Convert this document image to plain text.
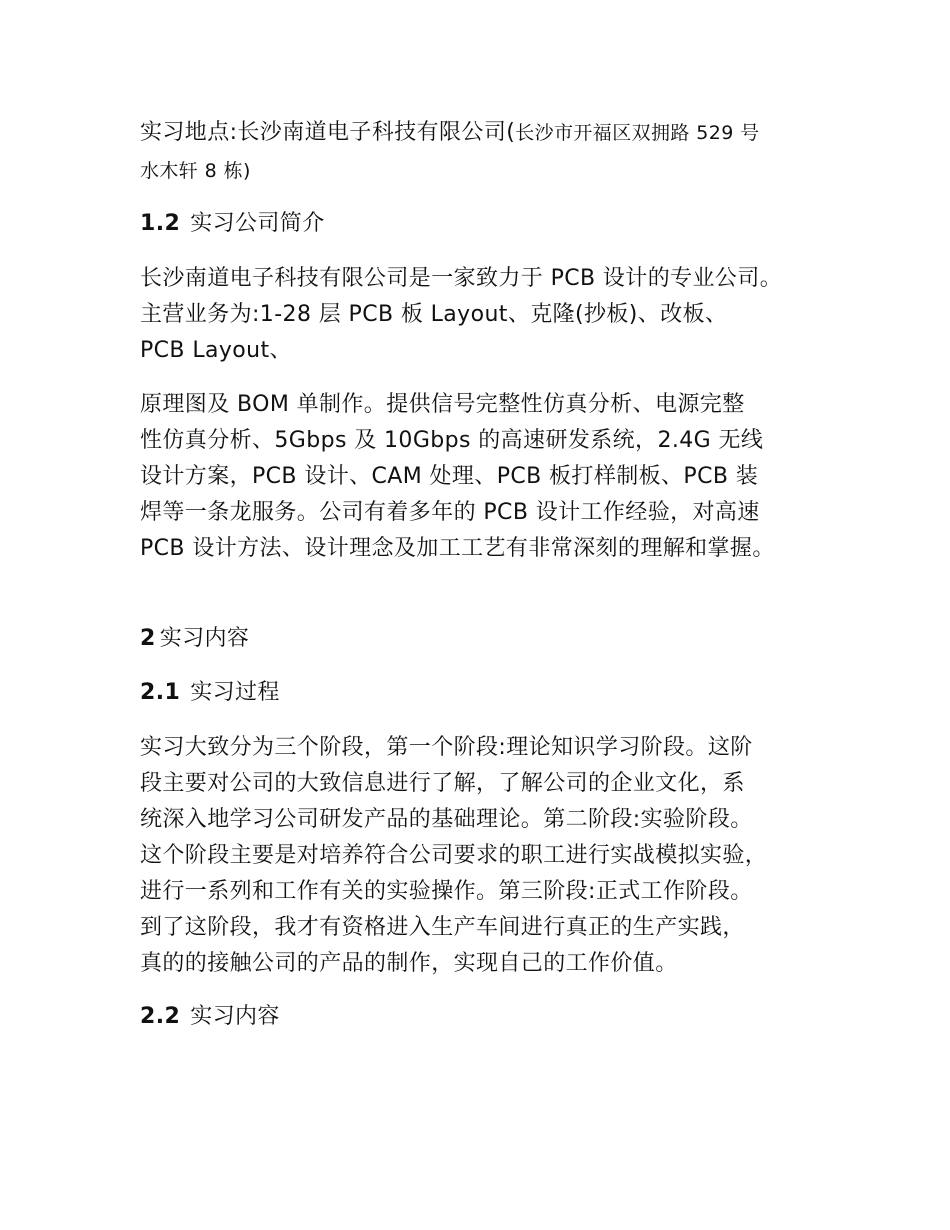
实习地点:长沙南道电子科技有限公司(长沙市开福区双拥路 529 号
水木轩 8 栋)
1.2 实习公司简介
长沙南道电子科技有限公司是一家致力于 PCB 设计的专业公司。
主营业务为:1-28 层 PCB 板 Layout、克隆(抄板)、改板、
PCB Layout、
原理图及 BOM 单制作。提供信号完整性仿真分析、电源完整
性仿真分析、5Gbps 及 10Gbps 的高速研发系统，2.4G 无线
设计方案，PCB 设计、CAM 处理、PCB 板打样制板、PCB 装
焊等一条龙服务。公司有着多年的 PCB 设计工作经验，对高速
PCB 设计方法、设计理念及加工工艺有非常深刻的理解和掌握。
2 实习内容
2.1 实习过程
实习大致分为三个阶段，第一个阶段:理论知识学习阶段。这阶
段主要对公司的大致信息进行了解，了解公司的企业文化，系
统深入地学习公司研发产品的基础理论。第二阶段:实验阶段。
这个阶段主要是对培养符合公司要求的职工进行实战模拟实验，
进行一系列和工作有关的实验操作。第三阶段:正式工作阶段。
到了这阶段，我才有资格进入生产车间进行真正的生产实践，
真的的接触公司的产品的制作，实现自己的工作价值。
2.2 实习内容
